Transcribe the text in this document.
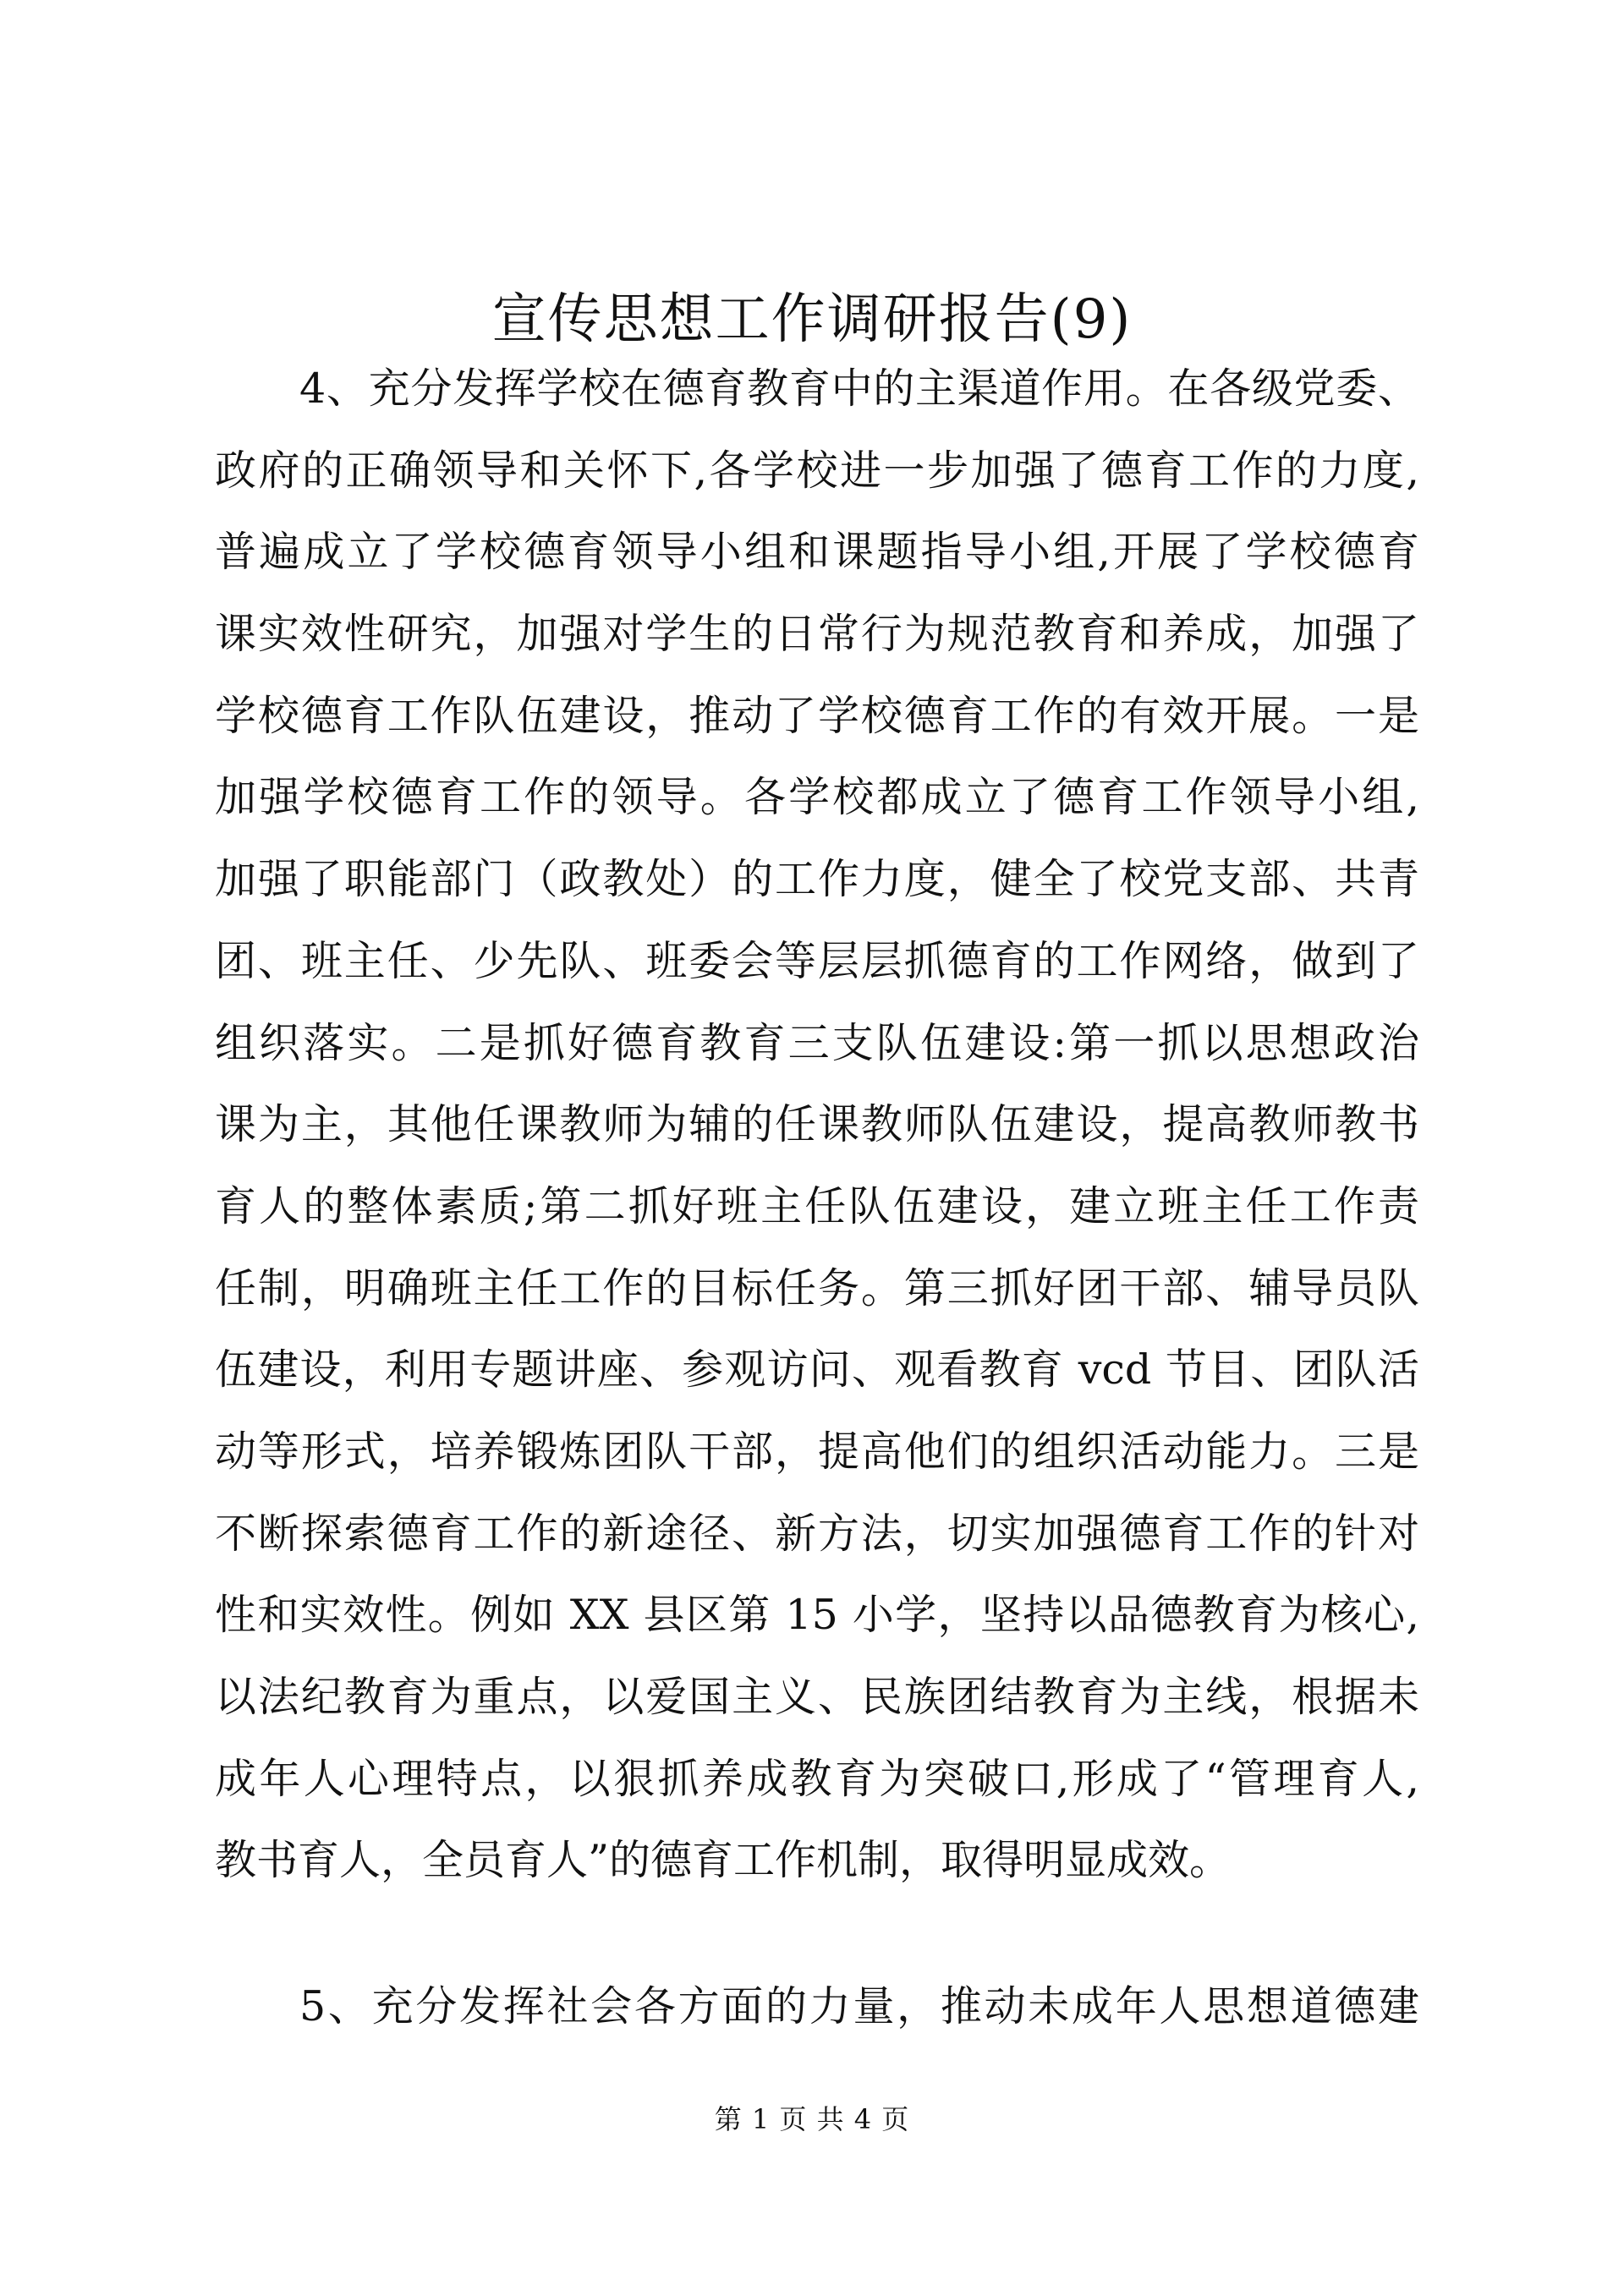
宣传思想工作调研报告(9)
4、充分发挥学校在德育教育中的主渠道作用。在各级党委、
政府的正确领导和关怀下,各学校进一步加强了德育工作的力度,
普遍成立了学校德育领导小组和课题指导小组,开展了学校德育
课实效性研究，加强对学生的日常行为规范教育和养成，加强了
学校德育工作队伍建设，推动了学校德育工作的有效开展。一是
加强学校德育工作的领导。各学校都成立了德育工作领导小组,
加强了职能部门（政教处）的工作力度，健全了校党支部、共青
团、班主任、少先队、班委会等层层抓德育的工作网络，做到了
组织落实。二是抓好德育教育三支队伍建设:第一抓以思想政治
课为主，其他任课教师为辅的任课教师队伍建设，提高教师教书
育人的整体素质;第二抓好班主任队伍建设，建立班主任工作责
任制，明确班主任工作的目标任务。第三抓好团干部、辅导员队
伍建设，利用专题讲座、参观访问、观看教育 vcd 节目、团队活
动等形式，培养锻炼团队干部，提高他们的组织活动能力。三是
不断探索德育工作的新途径、新方法，切实加强德育工作的针对
性和实效性。例如 XX 县区第 15 小学，坚持以品德教育为核心,
以法纪教育为重点，以爱国主义、民族团结教育为主线，根据未
成年人心理特点，以狠抓养成教育为突破口,形成了“管理育人,
教书育人，全员育人”的德育工作机制，取得明显成效。
5、充分发挥社会各方面的力量，推动未成年人思想道德建
第 1 页 共 4 页
